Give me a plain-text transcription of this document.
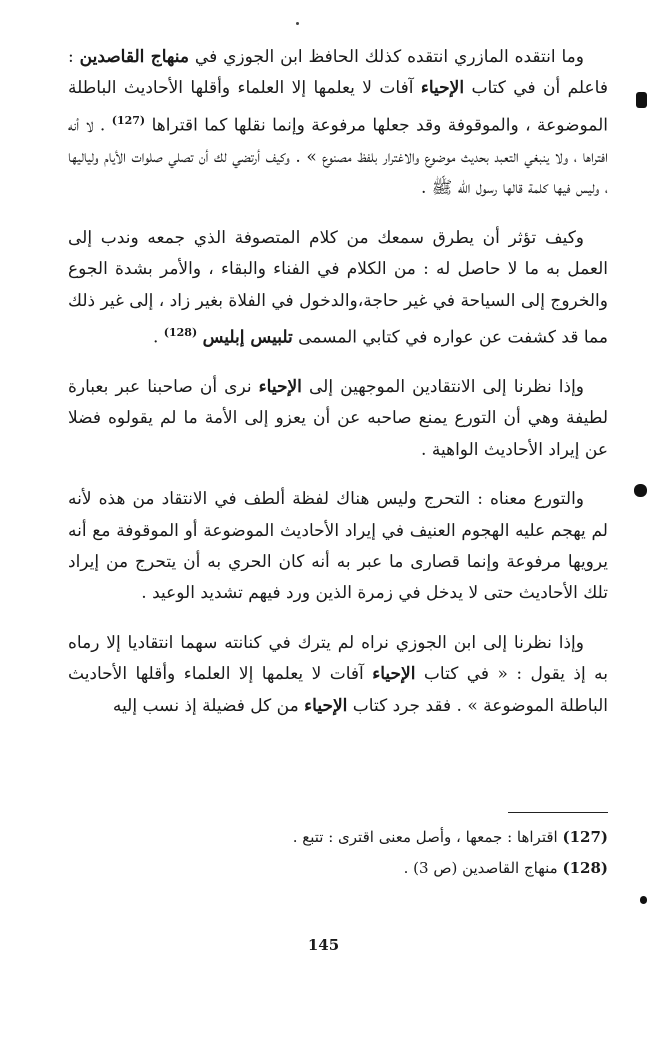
وما انتقده المازري انتقده كذلك الحافظ ابن الجوزي في منهاج القاصدين : فاعلم أن في كتاب الإحياء آفات لا يعلمها إلا العلماء وأقلها الأحاديث الباطلة الموضوعة ، والموقوفة وقد جعلها مرفوعة وإنما نقلها كما اقتراها $^{(127)}$ . لا أنه افتراها ، ولا ينبغي التعبد بحديث موضوع والاغترار بلفظ مصنوع » . وكيف أرتضي لك أن تصلي صلوات الأيام ولياليها ، وليس فيها كلمة قالها رسول الله ﷺ .

وكيف تؤثر أن يطرق سمعك من كلام المتصوفة الذي جمعه وندب إلى العمل به ما لا حاصل له : من الكلام في الفناء والبقاء ، والأمر بشدة الجوع والخروج إلى السياحة في غير حاجة،والدخول في الفلاة بغير زاد ، إلى غير ذلك مما قد كشفت عن عواره في كتابي المسمى تلبيس إبليس $^{(128)}$ .

وإذا نظرنا إلى الانتقادين الموجهين إلى الإحياء نرى أن صاحبنا عبر بعبارة لطيفة وهي أن التورع يمنع صاحبه عن أن يعزو إلى الأمة ما لم يقولوه فضلا عن إيراد الأحاديث الواهية .

والتورع معناه : التحرج وليس هناك لفظة ألطف في الانتقاد من هذه لأنه لم يهجم عليه الهجوم العنيف في إيراد الأحاديث الموضوعة أو الموقوفة مع أنه يرويها مرفوعة وإنما قصارى ما عبر به أنه كان الحري به أن يتحرج من إيراد تلك الأحاديث حتى لا يدخل في زمرة الذين ورد فيهم تشديد الوعيد .

وإذا نظرنا إلى ابن الجوزي نراه لم يترك في كنانته سهما انتقاديا إلا رماه به إذ يقول : « في كتاب الإحياء آفات لا يعلمها إلا العلماء وأقلها الأحاديث الباطلة الموضوعة » . فقد جرد كتاب الإحياء من كل فضيلة إذ نسب إليه

(127) اقتراها : جمعها ، وأصل معنى اقترى : تتبع .
(128) منهاج القاصدين (ص 3) .
145
